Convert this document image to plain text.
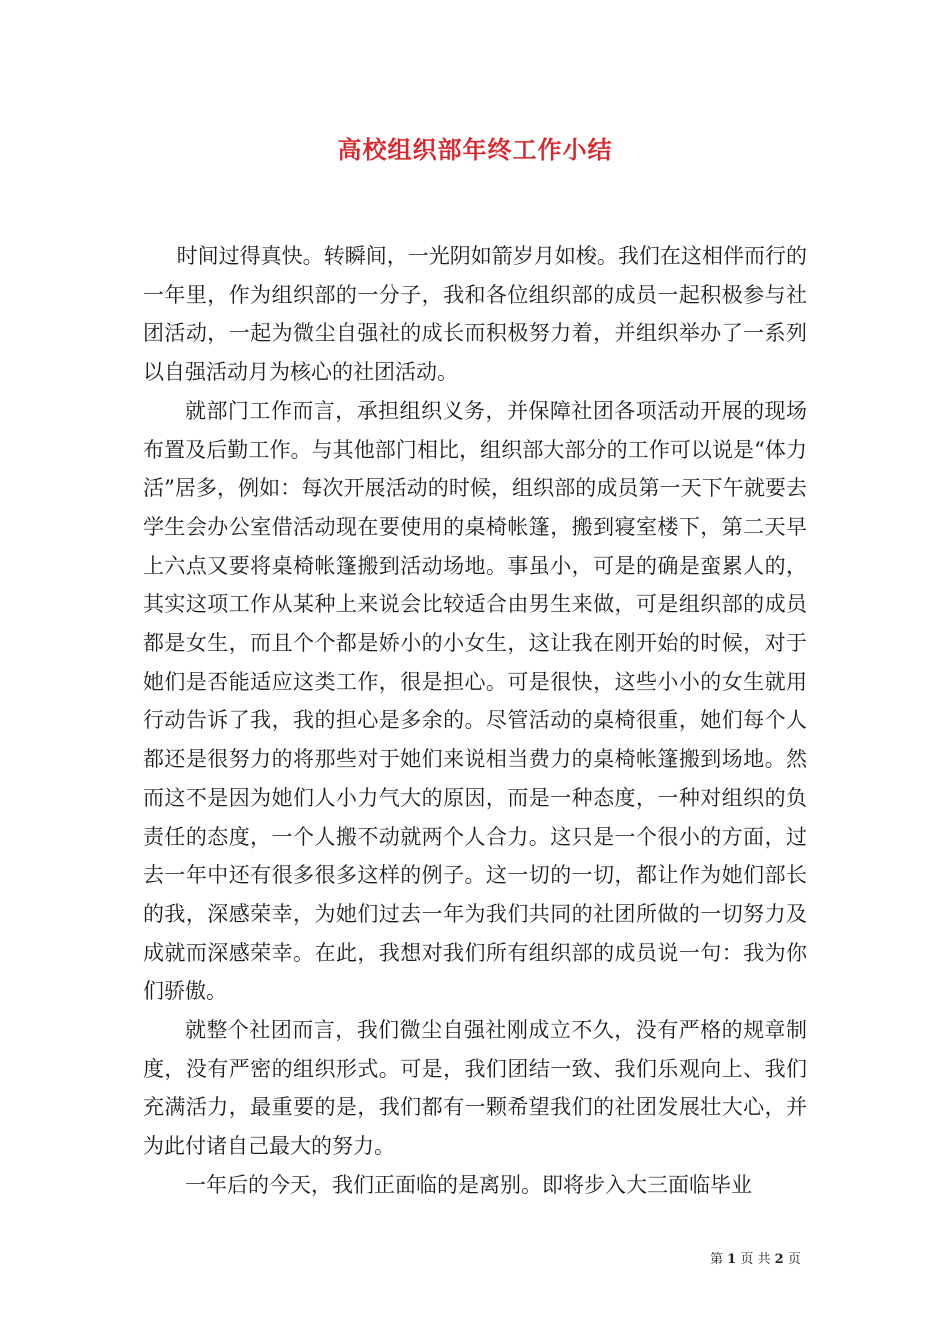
高校组织部年终工作小结

时间过得真快。转瞬间，一光阴如箭岁月如梭。我们在这相伴而行的一年里，作为组织部的一分子，我和各位组织部的成员一起积极参与社团活动，一起为微尘自强社的成长而积极努力着，并组织举办了一系列以自强活动月为核心的社团活动。

就部门工作而言，承担组织义务，并保障社团各项活动开展的现场布置及后勤工作。与其他部门相比，组织部大部分的工作可以说是“体力活”居多，例如：每次开展活动的时候，组织部的成员第一天下午就要去学生会办公室借活动现在要使用的桌椅帐篷，搬到寝室楼下，第二天早上六点又要将桌椅帐篷搬到活动场地。事虽小，可是的确是蛮累人的，其实这项工作从某种上来说会比较适合由男生来做，可是组织部的成员都是女生，而且个个都是娇小的小女生，这让我在刚开始的时候，对于她们是否能适应这类工作，很是担心。可是很快，这些小小的女生就用行动告诉了我，我的担心是多余的。尽管活动的桌椅很重，她们每个人都还是很努力的将那些对于她们来说相当费力的桌椅帐篷搬到场地。然而这不是因为她们人小力气大的原因，而是一种态度，一种对组织的负责任的态度，一个人搬不动就两个人合力。这只是一个很小的方面，过去一年中还有很多很多这样的例子。这一切的一切，都让作为她们部长的我，深感荣幸，为她们过去一年为我们共同的社团所做的一切努力及成就而深感荣幸。在此，我想对我们所有组织部的成员说一句：我为你们骄傲。

就整个社团而言，我们微尘自强社刚成立不久，没有严格的规章制度，没有严密的组织形式。可是，我们团结一致、我们乐观向上、我们充满活力，最重要的是，我们都有一颗希望我们的社团发展壮大心，并为此付诸自己最大的努力。

一年后的今天，我们正面临的是离别。即将步入大三面临毕业

第 1 页 共 2 页
